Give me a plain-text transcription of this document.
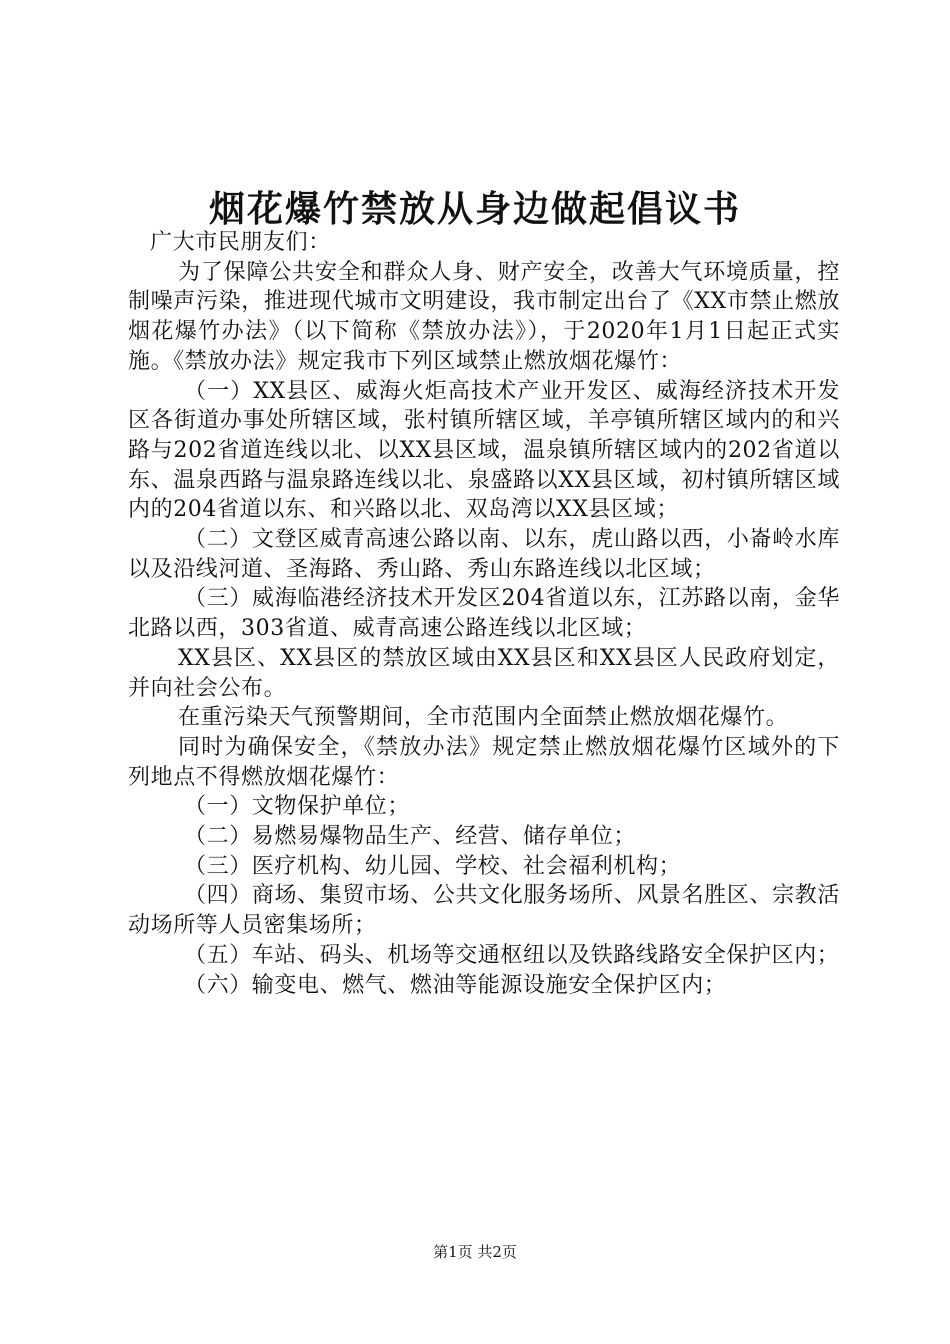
烟花爆竹禁放从身边做起倡议书

广大市民朋友们：

为了保障公共安全和群众人身、财产安全，改善大气环境质量，控制噪声污染，推进现代城市文明建设，我市制定出台了《XX市禁止燃放烟花爆竹办法》（以下简称《禁放办法》），于2020年1月1日起正式实施。《禁放办法》规定我市下列区域禁止燃放烟花爆竹：

（一）XX县区、威海火炬高技术产业开发区、威海经济技术开发区各街道办事处所辖区域，张村镇所辖区域，羊亭镇所辖区域内的和兴路与202省道连线以北、以XX县区域，温泉镇所辖区域内的202省道以东、温泉西路与温泉路连线以北、泉盛路以XX县区域，初村镇所辖区域内的204省道以东、和兴路以北、双岛湾以XX县区域；

（二）文登区威青高速公路以南、以东，虎山路以西，小崙岭水库以及沿线河道、圣海路、秀山路、秀山东路连线以北区域；

（三）威海临港经济技术开发区204省道以东，江苏路以南，金华北路以西，303省道、威青高速公路连线以北区域；

XX县区、XX县区的禁放区域由XX县区和XX县区人民政府划定，并向社会公布。

在重污染天气预警期间，全市范围内全面禁止燃放烟花爆竹。

同时为确保安全，《禁放办法》规定禁止燃放烟花爆竹区域外的下列地点不得燃放烟花爆竹：

（一）文物保护单位；

（二）易燃易爆物品生产、经营、储存单位；

（三）医疗机构、幼儿园、学校、社会福利机构；

（四）商场、集贸市场、公共文化服务场所、风景名胜区、宗教活动场所等人员密集场所；

（五）车站、码头、机场等交通枢纽以及铁路线路安全保护区内；

（六）输变电、燃气、燃油等能源设施安全保护区内；

第1页 共2页
